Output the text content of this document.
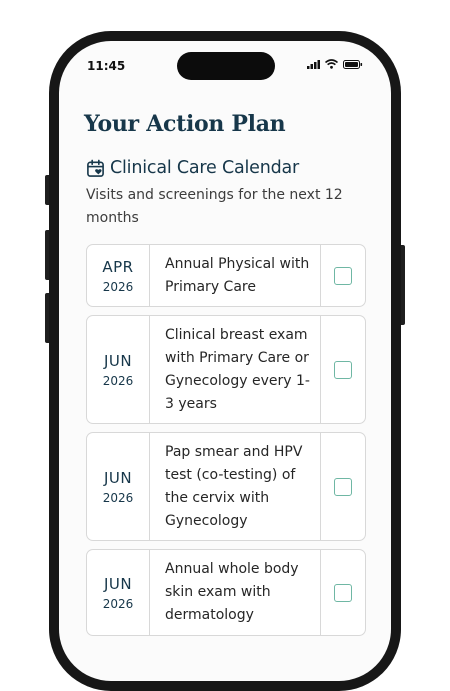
11:45
Your Action Plan
Clinical Care Calendar
Visits and screenings for the next 12 months
APR
2026
Annual Physical with Primary Care
JUN
2026
Clinical breast exam with Primary Care or Gynecology every 1-3 years
JUN
2026
Pap smear and HPV test (co-testing) of the cervix with Gynecology
JUN
2026
Annual whole body skin exam with dermatology
